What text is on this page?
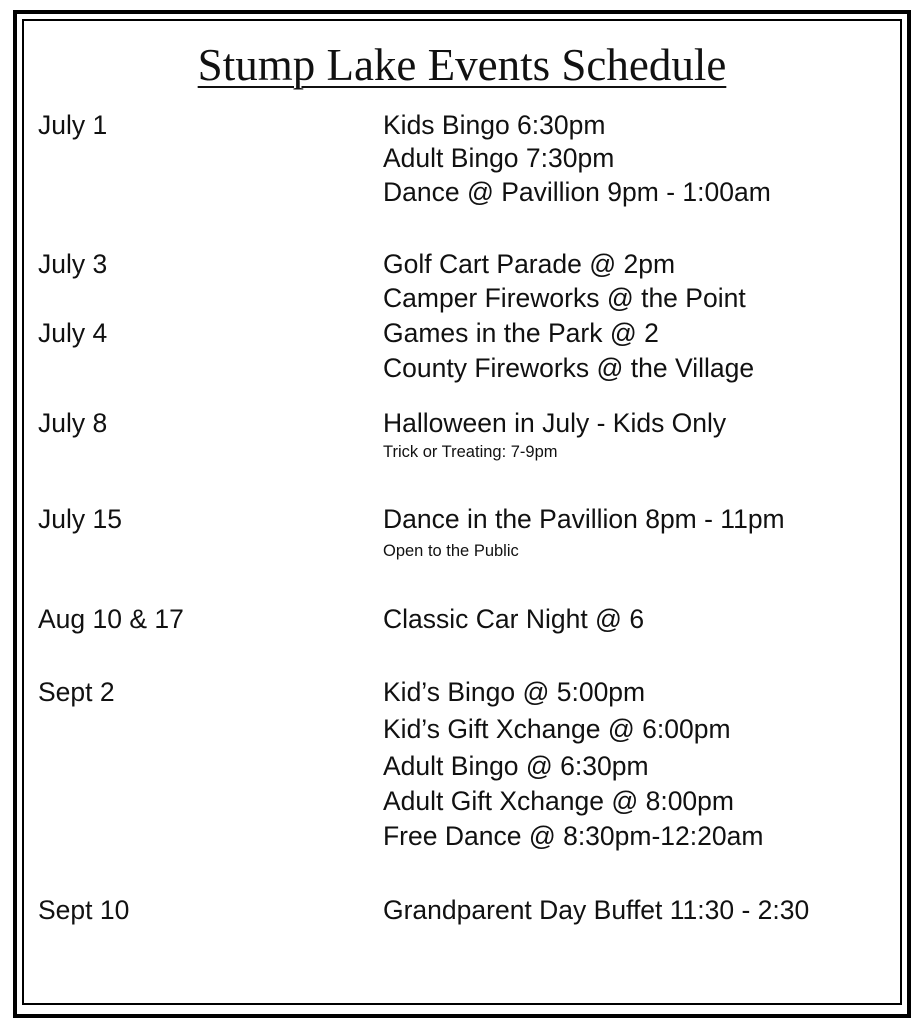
Stump Lake Events Schedule
July 1	Kids Bingo 6:30pm
Adult Bingo 7:30pm
Dance @ Pavillion 9pm - 1:00am
July 3	Golf Cart Parade @ 2pm
Camper Fireworks @ the Point
July 4	Games in the Park @ 2
County Fireworks @ the Village
July 8	Halloween in July - Kids Only
Trick or Treating: 7-9pm
July 15	Dance in the Pavillion 8pm - 11pm
Open to the Public
Aug 10 & 17	Classic Car Night @ 6
Sept 2	Kid’s Bingo @ 5:00pm
Kid’s Gift Xchange @ 6:00pm
Adult Bingo @ 6:30pm
Adult Gift Xchange @ 8:00pm
Free Dance @ 8:30pm-12:20am
Sept 10	Grandparent Day Buffet 11:30 - 2:30
